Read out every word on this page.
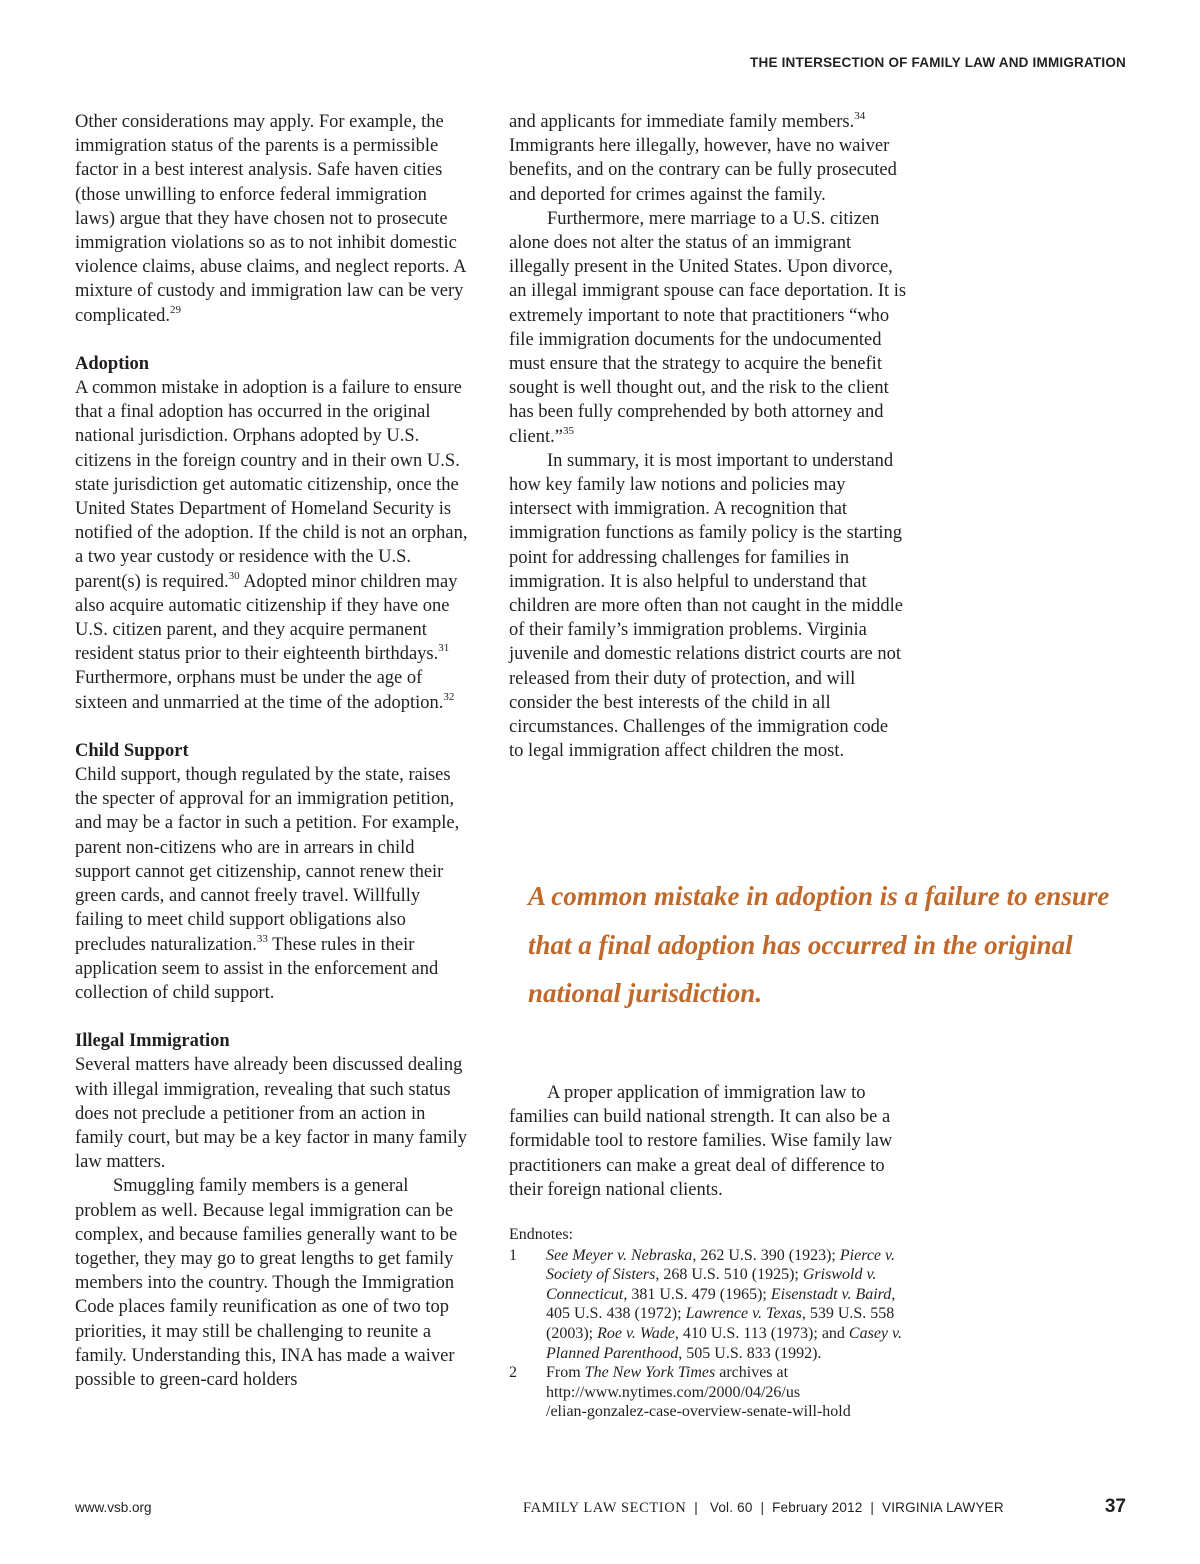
THE INTERSECTION OF FAMILY LAW AND IMMIGRATION

Other considerations may apply. For example, the immigration status of the parents is a permissible factor in a best interest analysis. Safe haven cities (those unwilling to enforce federal immigration laws) argue that they have chosen not to prosecute immigration violations so as to not inhibit domestic violence claims, abuse claims, and neglect reports. A mixture of custody and immigration law can be very complicated.$^{29}$

Adoption

A common mistake in adoption is a failure to ensure that a final adoption has occurred in the original national jurisdiction. Orphans adopted by U.S. citizens in the foreign country and in their own U.S. state jurisdiction get automatic citizenship, once the United States Department of Homeland Security is notified of the adoption. If the child is not an orphan, a two year custody or residence with the U.S. parent(s) is required.$^{30}$ Adopted minor children may also acquire automatic citizenship if they have one U.S. citizen parent, and they acquire permanent resident status prior to their eighteenth birthdays.$^{31}$ Furthermore, orphans must be under the age of sixteen and unmarried at the time of the adoption.$^{32}$

Child Support

Child support, though regulated by the state, raises the specter of approval for an immigration petition, and may be a factor in such a petition. For example, parent non-citizens who are in arrears in child support cannot get citizenship, cannot renew their green cards, and cannot freely travel. Willfully failing to meet child support obligations also precludes naturalization.$^{33}$ These rules in their application seem to assist in the enforcement and collection of child support.

Illegal Immigration

Several matters have already been discussed dealing with illegal immigration, revealing that such status does not preclude a petitioner from an action in family court, but may be a key factor in many family law matters.

Smuggling family members is a general problem as well. Because legal immigration can be complex, and because families generally want to be together, they may go to great lengths to get family members into the country. Though the Immigration Code places family reunification as one of two top priorities, it may still be challenging to reunite a family. Understanding this, INA has made a waiver possible to green-card holders

and applicants for immediate family members.$^{34}$ Immigrants here illegally, however, have no waiver benefits, and on the contrary can be fully prosecuted and deported for crimes against the family.

Furthermore, mere marriage to a U.S. citizen alone does not alter the status of an immigrant illegally present in the United States. Upon divorce, an illegal immigrant spouse can face deportation. It is extremely important to note that practitioners “who file immigration documents for the undocumented must ensure that the strategy to acquire the benefit sought is well thought out, and the risk to the client has been fully comprehended by both attorney and client.”$^{35}$

In summary, it is most important to understand how key family law notions and policies may intersect with immigration. A recognition that immigration functions as family policy is the starting point for addressing challenges for families in immigration. It is also helpful to understand that children are more often than not caught in the middle of their family’s immigration problems. Virginia juvenile and domestic relations district courts are not released from their duty of protection, and will consider the best interests of the child in all circumstances. Challenges of the immigration code to legal immigration affect children the most.

A common mistake in adoption is a failure to ensure that a final adoption has occurred in the original national jurisdiction.

A proper application of immigration law to families can build national strength. It can also be a formidable tool to restore families. Wise family law practitioners can make a great deal of difference to their foreign national clients.

Endnotes:

1	See Meyer v. Nebraska, 262 U.S. 390 (1923); Pierce v. Society of Sisters, 268 U.S. 510 (1925); Griswold v. Connecticut, 381 U.S. 479 (1965); Eisenstadt v. Baird, 405 U.S. 438 (1972); Lawrence v. Texas, 539 U.S. 558 (2003); Roe v. Wade, 410 U.S. 113 (1973); and Casey v. Planned Parenthood, 505 U.S. 833 (1992).
2	From The New York Times archives at
http://www.nytimes.com/2000/04/26/us
/elian-gonzalez-case-overview-senate-will-hold
www.vsb.org	FAMILY LAW SECTION | Vol. 60 | February 2012 | VIRGINIA LAWYER	37
